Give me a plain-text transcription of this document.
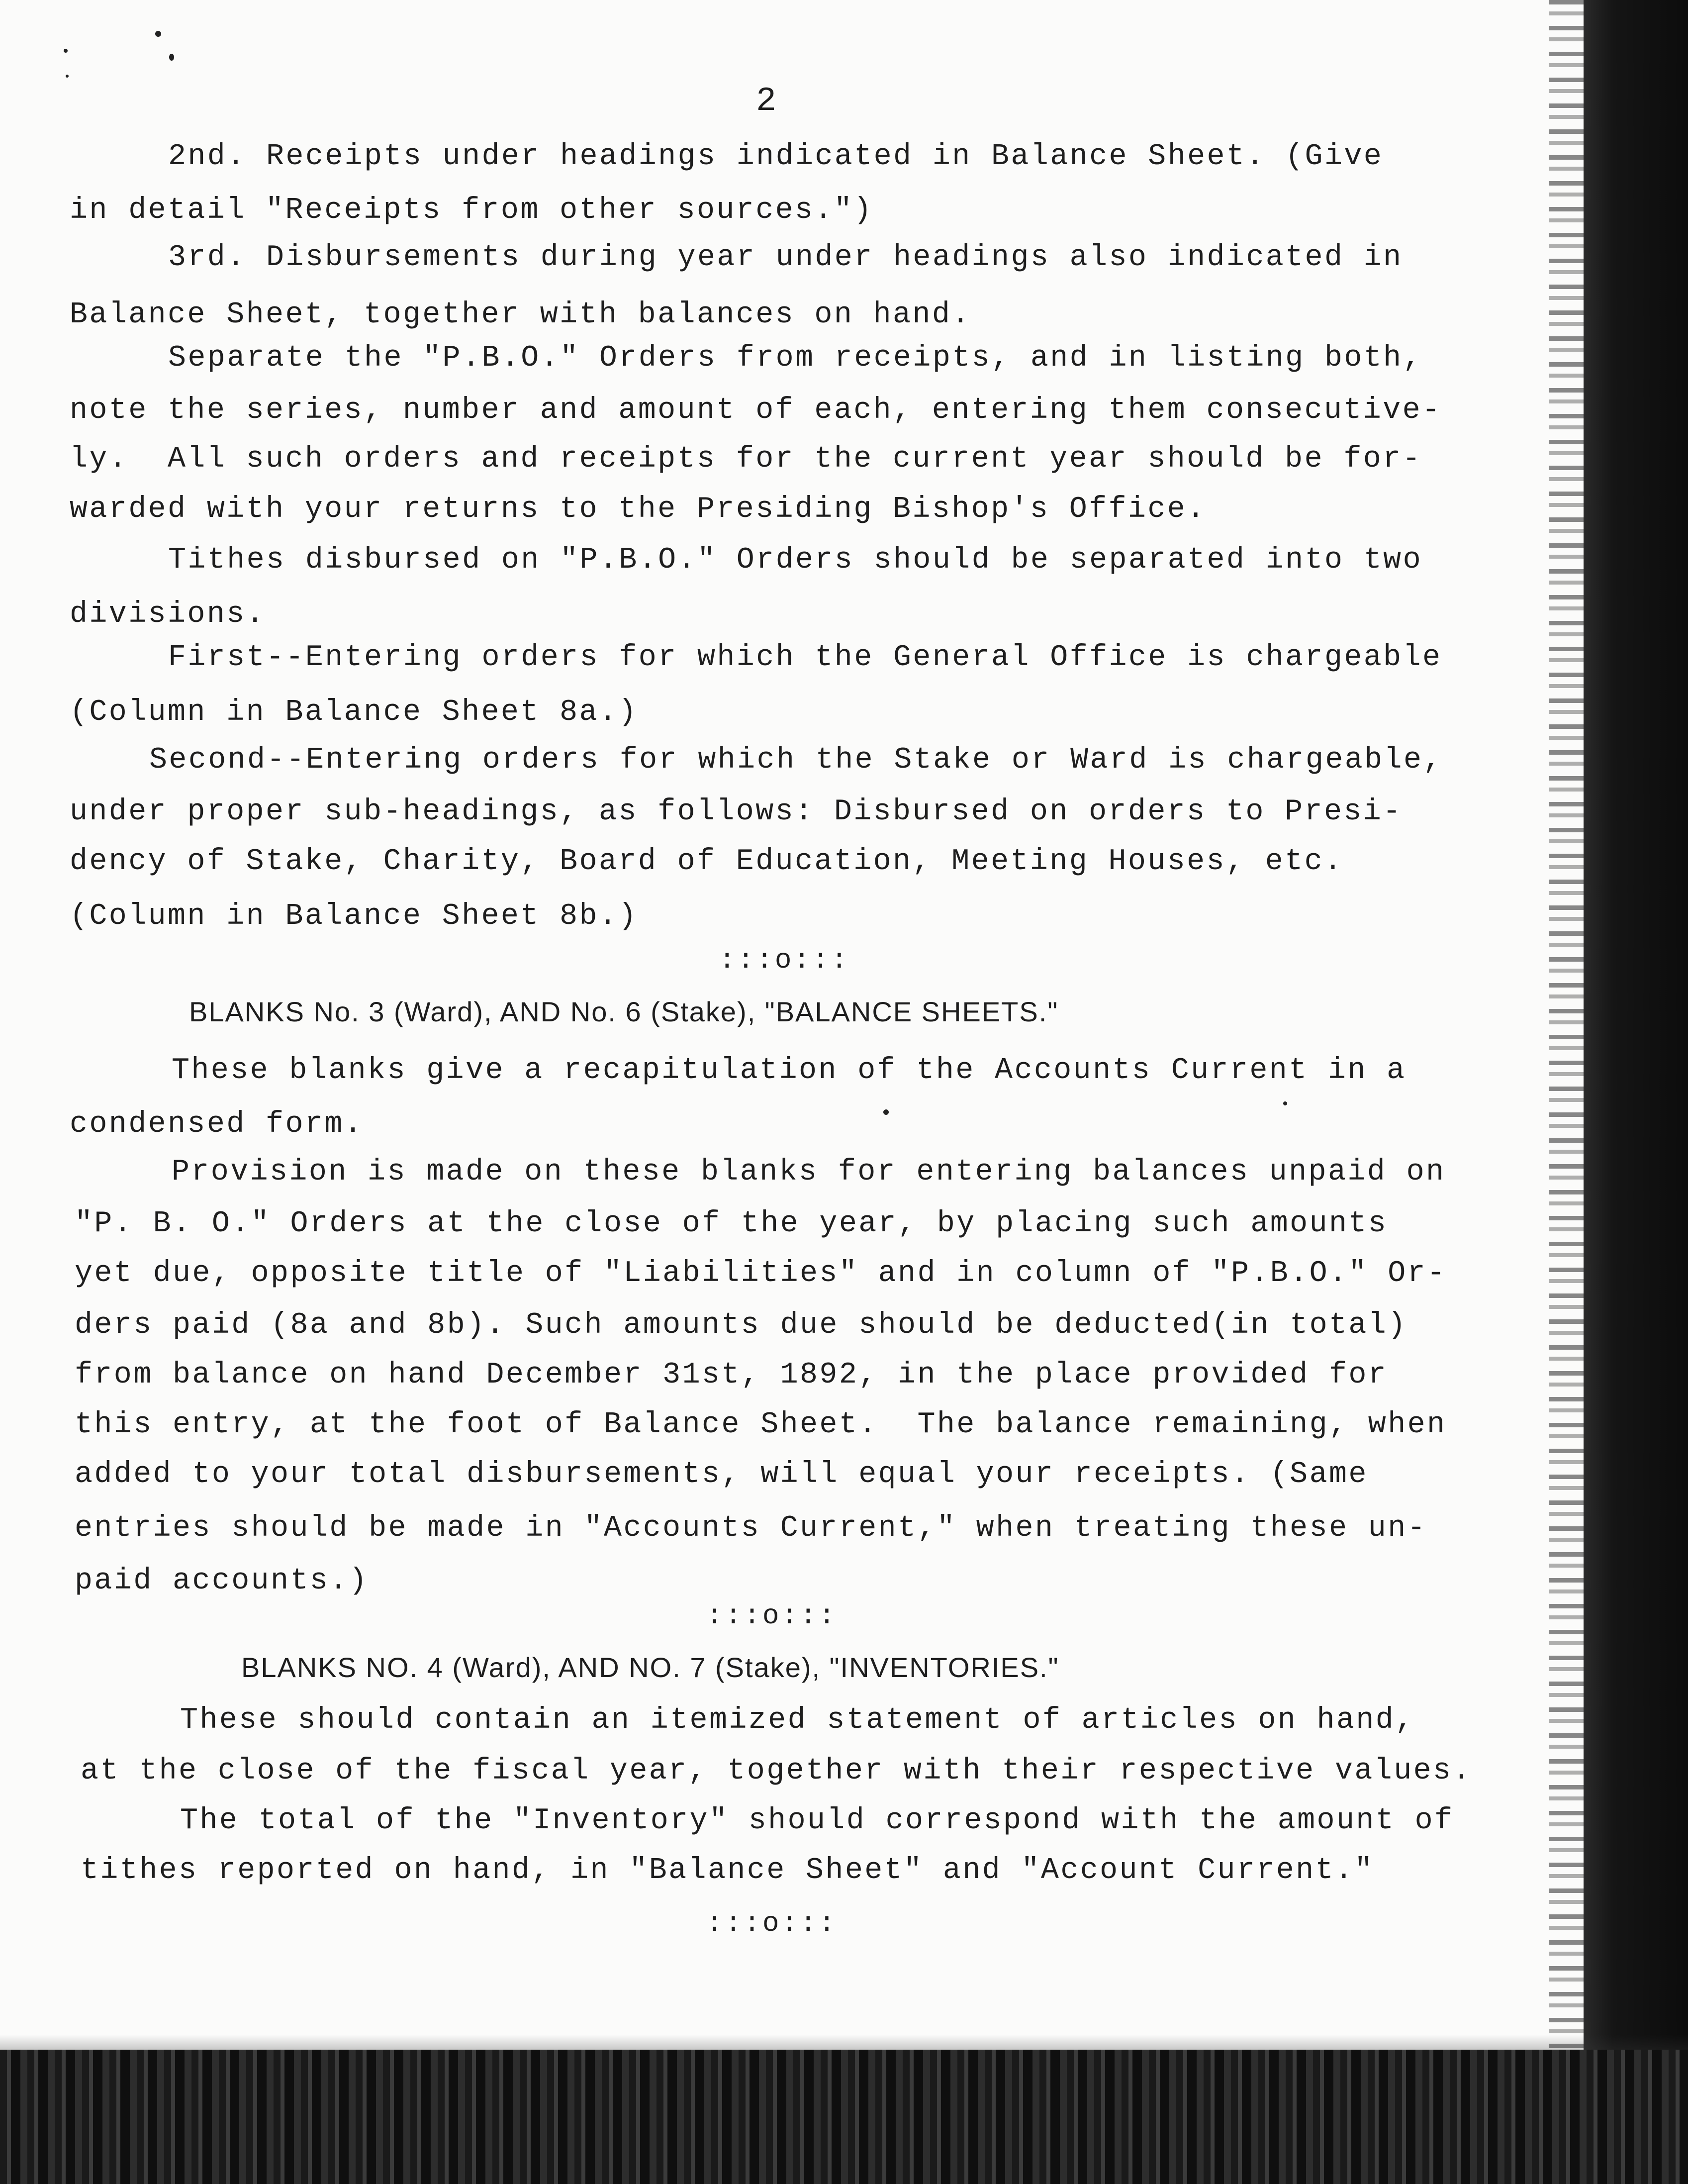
2
2nd. Receipts under headings indicated in Balance Sheet. (Give
in detail "Receipts from other sources.")
3rd. Disbursements during year under headings also indicated in
Balance Sheet, together with balances on hand.
Separate the "P.B.O." Orders from receipts, and in listing both,
note the series, number and amount of each, entering them consecutive-
ly.  All such orders and receipts for the current year should be for-
warded with your returns to the Presiding Bishop's Office.
Tithes disbursed on "P.B.O." Orders should be separated into two
divisions.
First--Entering orders for which the General Office is chargeable
(Column in Balance Sheet 8a.)
Second--Entering orders for which the Stake or Ward is chargeable,
under proper sub-headings, as follows: Disbursed on orders to Presi-
dency of Stake, Charity, Board of Education, Meeting Houses, etc.
(Column in Balance Sheet 8b.)
:::o:::
BLANKS No. 3 (Ward), AND No. 6 (Stake), "BALANCE SHEETS."
These blanks give a recapitulation of the Accounts Current in a
condensed form.
Provision is made on these blanks for entering balances unpaid on
"P. B. O." Orders at the close of the year, by placing such amounts
yet due, opposite title of "Liabilities" and in column of "P.B.O." Or-
ders paid (8a and 8b). Such amounts due should be deducted(in total)
from balance on hand December 31st, 1892, in the place provided for
this entry, at the foot of Balance Sheet.  The balance remaining, when
added to your total disbursements, will equal your receipts. (Same
entries should be made in "Accounts Current," when treating these un-
paid accounts.)
:::o:::
BLANKS NO. 4 (Ward), AND NO. 7 (Stake), "INVENTORIES."
These should contain an itemized statement of articles on hand,
at the close of the fiscal year, together with their respective values.
The total of the "Inventory" should correspond with the amount of
tithes reported on hand, in "Balance Sheet" and "Account Current."
:::o:::
